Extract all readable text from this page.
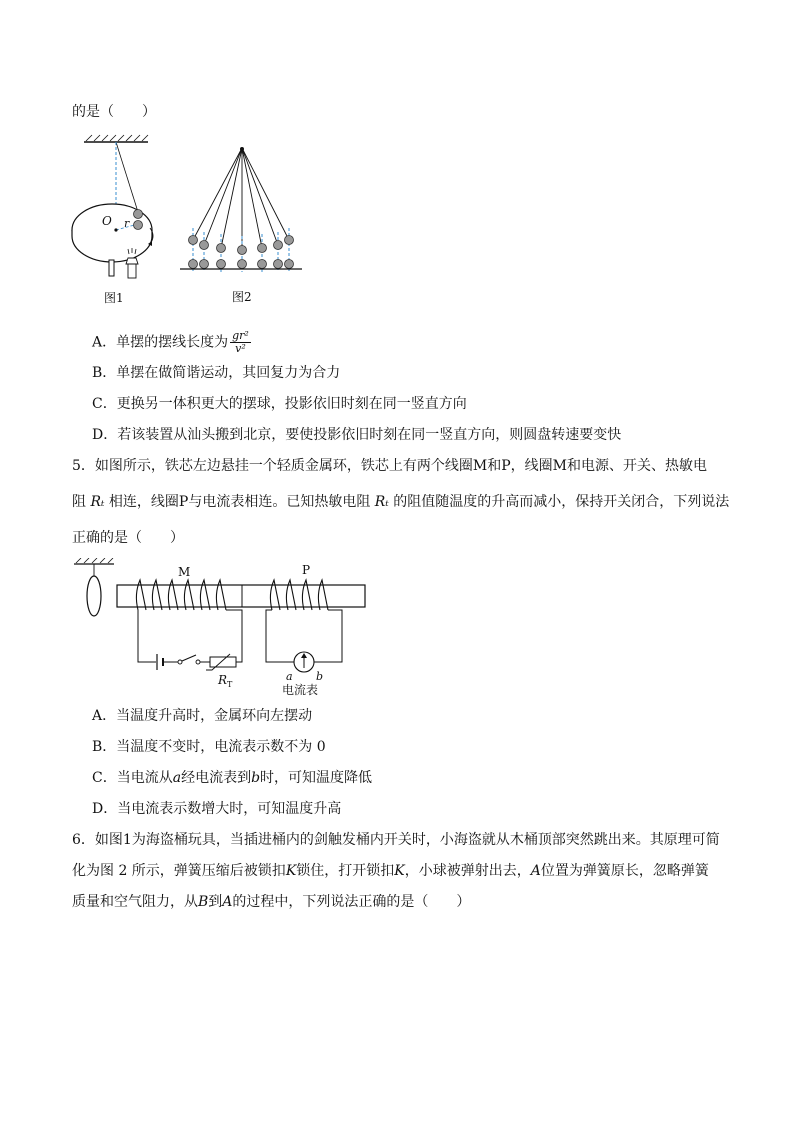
的是（　　）
O r
图1	图2
A．单摆的摆线长度为 $\frac{\text{gr²}}{\text{v²}}$
B．单摆在做简谐运动，其回复力为合力
C．更换另一体积更大的摆球，投影依旧时刻在同一竖直方向
D．若该装置从汕头搬到北京，要使投影依旧时刻在同一竖直方向，则圆盘转速要变快
5．如图所示，铁芯左边悬挂一个轻质金属环，铁芯上有两个线圈M和P，线圈M和电源、开关、热敏电
阻 Rₜ 相连，线圈P与电流表相连。已知热敏电阻 Rₜ 的阻值随温度的升高而减小，保持开关闭合，下列说法
正确的是（　　）
M	P
$R_T$
a b
电流表
A．当温度升高时，金属环向左摆动
B．当温度不变时，电流表示数不为 0
C．当电流从a经电流表到b时，可知温度降低
D．当电流表示数增大时，可知温度升高
6．如图1为海盗桶玩具，当插进桶内的剑触发桶内开关时，小海盗就从木桶顶部突然跳出来。其原理可简
化为图 2 所示，弹簧压缩后被锁扣K锁住，打开锁扣K，小球被弹射出去，A位置为弹簧原长，忽略弹簧
质量和空气阻力，从B到A的过程中，下列说法正确的是（　　）
